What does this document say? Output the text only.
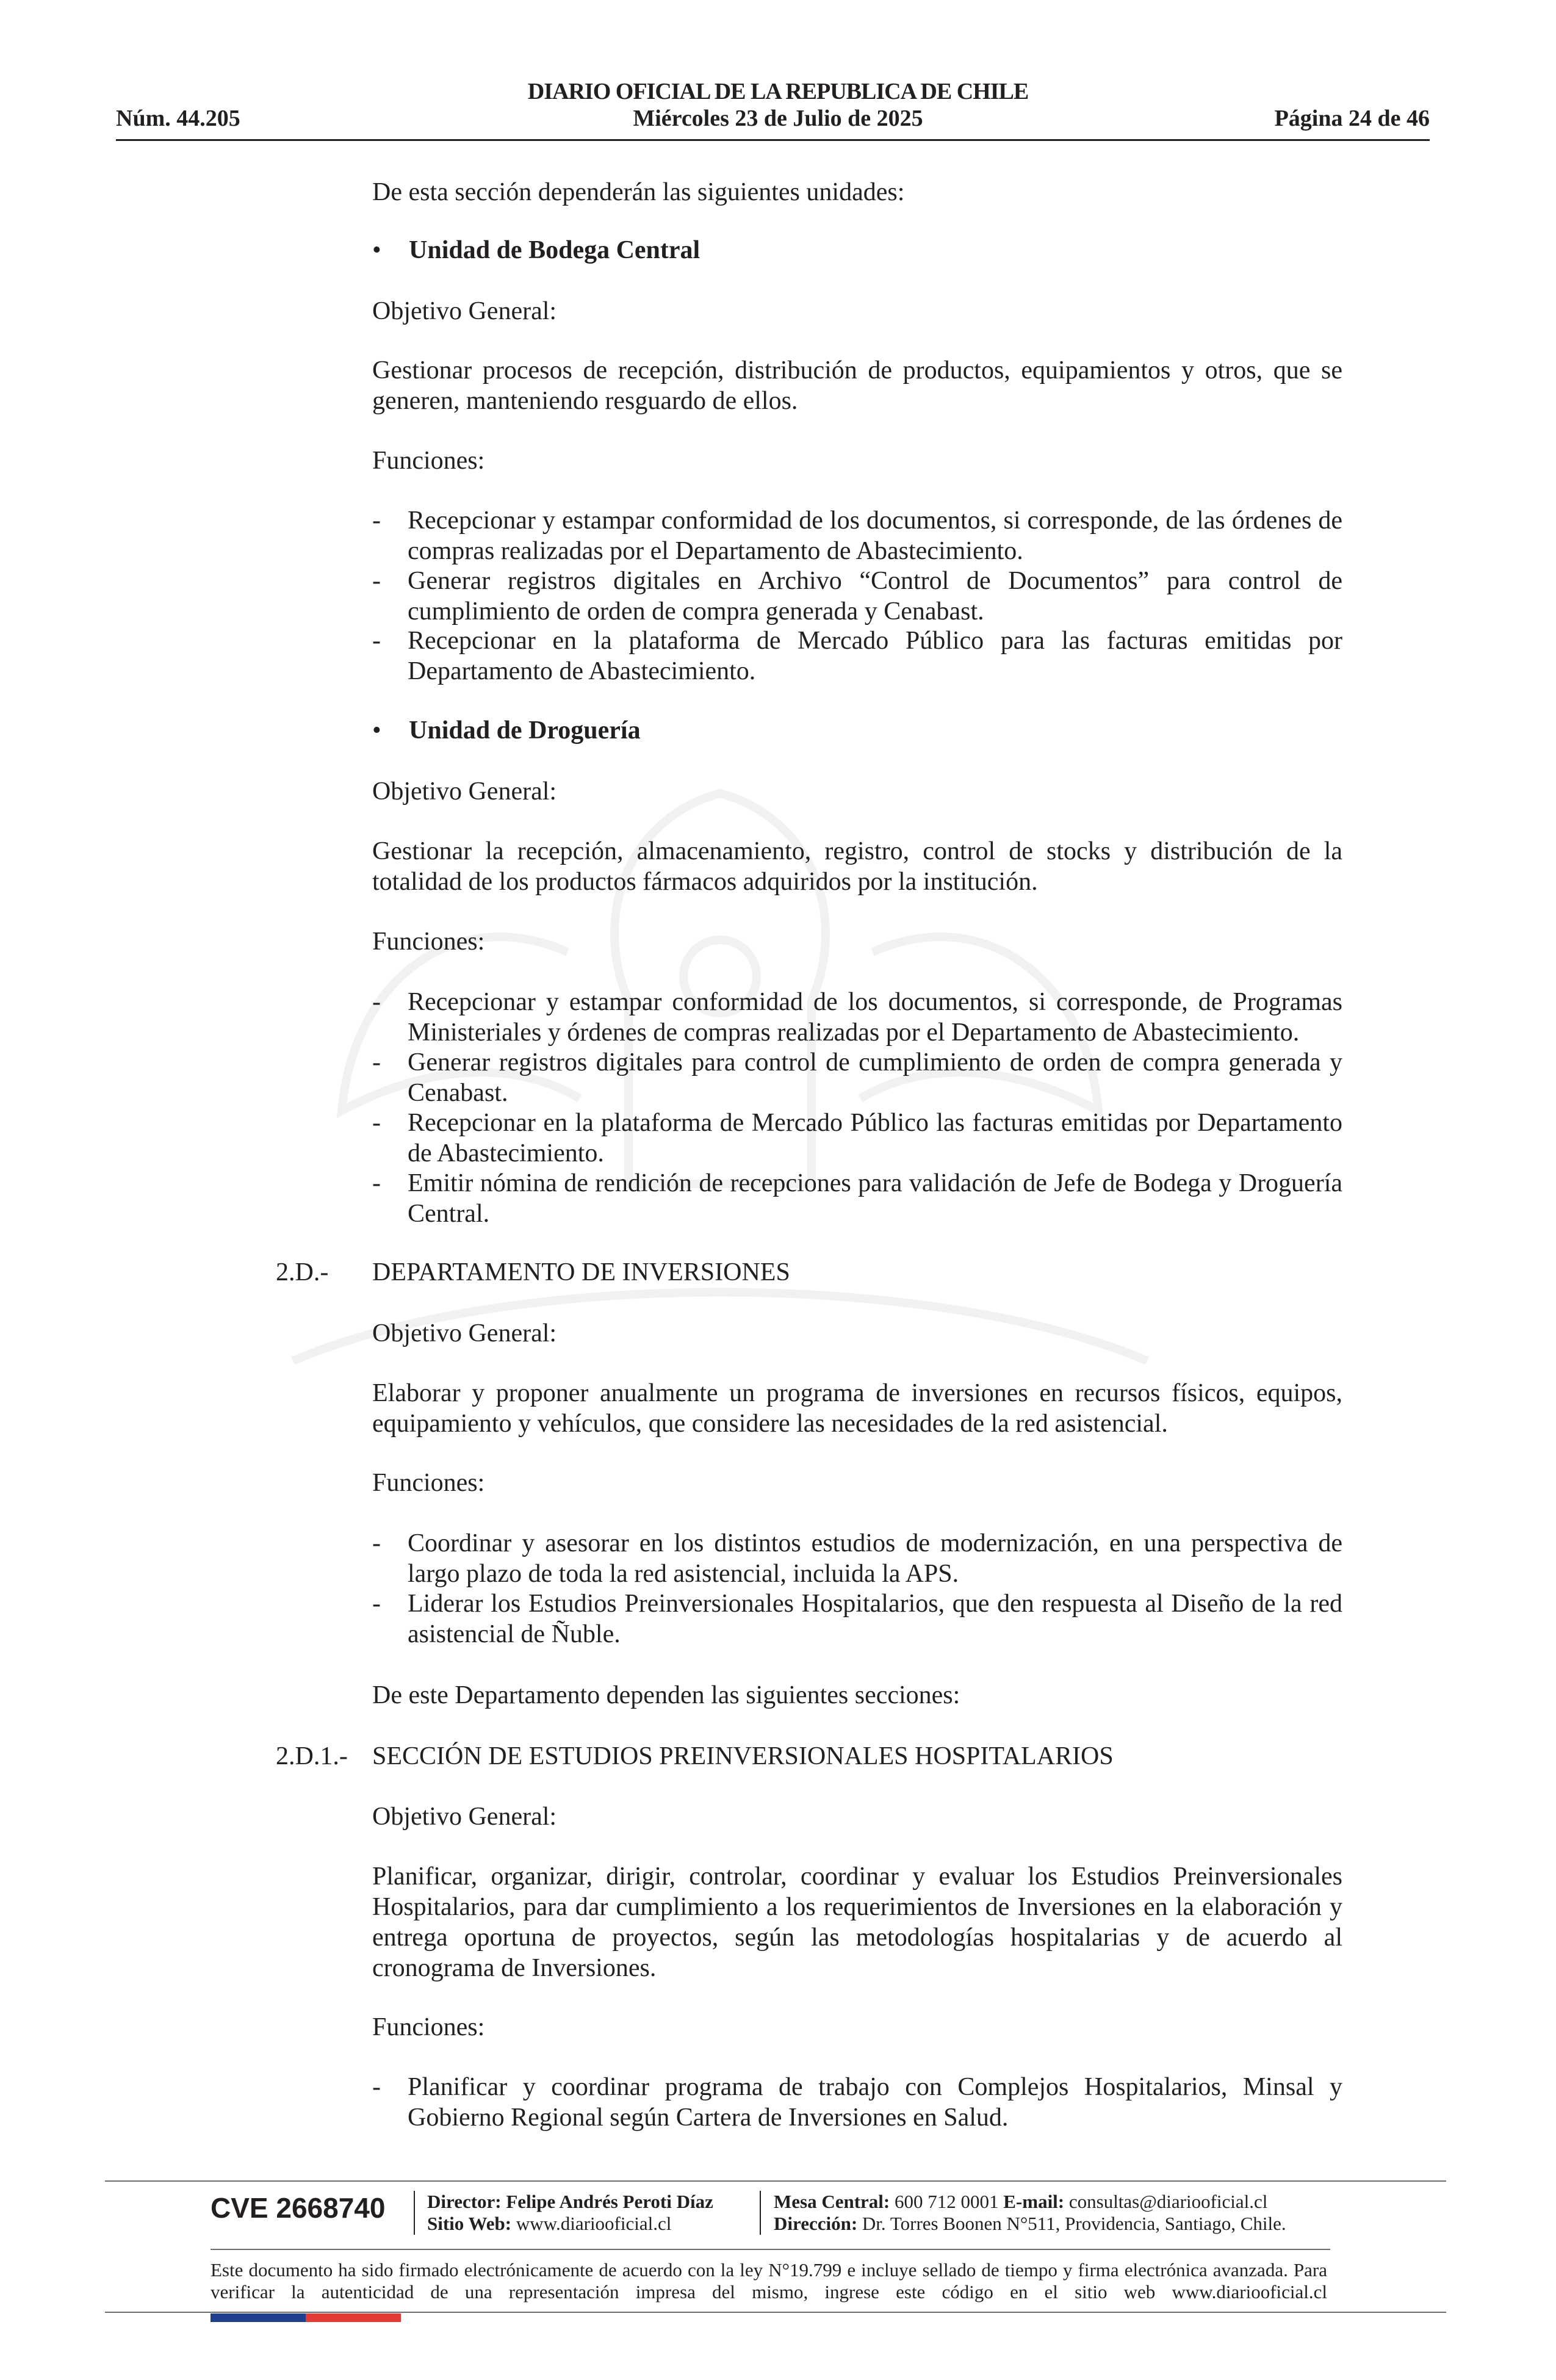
Núm. 44.205
DIARIO OFICIAL DE LA REPUBLICA DE CHILE
Miércoles 23 de Julio de 2025	Página 24 de 46

De esta sección dependerán las siguientes unidades:

• Unidad de Bodega Central

Objetivo General:

Gestionar procesos de recepción, distribución de productos, equipamientos y otros, que se generen, manteniendo resguardo de ellos.

Funciones:

- Recepcionar y estampar conformidad de los documentos, si corresponde, de las órdenes de compras realizadas por el Departamento de Abastecimiento.

- Generar registros digitales en Archivo “Control de Documentos” para control de cumplimiento de orden de compra generada y Cenabast.

- Recepcionar en la plataforma de Mercado Público para las facturas emitidas por Departamento de Abastecimiento.

• Unidad de Droguería

Objetivo General:

Gestionar la recepción, almacenamiento, registro, control de stocks y distribución de la totalidad de los productos fármacos adquiridos por la institución.

Funciones:

- Recepcionar y estampar conformidad de los documentos, si corresponde, de Programas Ministeriales y órdenes de compras realizadas por el Departamento de Abastecimiento.

- Generar registros digitales para control de cumplimiento de orden de compra generada y Cenabast.

- Recepcionar en la plataforma de Mercado Público las facturas emitidas por Departamento de Abastecimiento.

- Emitir nómina de rendición de recepciones para validación de Jefe de Bodega y Droguería Central.

2.D.- DEPARTAMENTO DE INVERSIONES

Objetivo General:

Elaborar y proponer anualmente un programa de inversiones en recursos físicos, equipos, equipamiento y vehículos, que considere las necesidades de la red asistencial.

Funciones:

- Coordinar y asesorar en los distintos estudios de modernización, en una perspectiva de largo plazo de toda la red asistencial, incluida la APS.

- Liderar los Estudios Preinversionales Hospitalarios, que den respuesta al Diseño de la red asistencial de Ñuble.

De este Departamento dependen las siguientes secciones:

2.D.1.- SECCIÓN DE ESTUDIOS PREINVERSIONALES HOSPITALARIOS

Objetivo General:

Planificar, organizar, dirigir, controlar, coordinar y evaluar los Estudios Preinversionales Hospitalarios, para dar cumplimiento a los requerimientos de Inversiones en la elaboración y entrega oportuna de proyectos, según las metodologías hospitalarias y de acuerdo al cronograma de Inversiones.

Funciones:

- Planificar y coordinar programa de trabajo con Complejos Hospitalarios, Minsal y Gobierno Regional según Cartera de Inversiones en Salud.

CVE 2668740 Director: Felipe Andrés Peroti Díaz
Sitio Web: www.diariooficial.cl
Mesa Central: 600 712 0001 E-mail: consultas@diariooficial.cl
Dirección: Dr. Torres Boonen N°511, Providencia, Santiago, Chile.
Este documento ha sido firmado electrónicamente de acuerdo con la ley N°19.799 e incluye sellado de tiempo y firma electrónica avanzada. Para verificar la autenticidad de una representación impresa del mismo, ingrese este código en el sitio web www.diariooficial.cl
